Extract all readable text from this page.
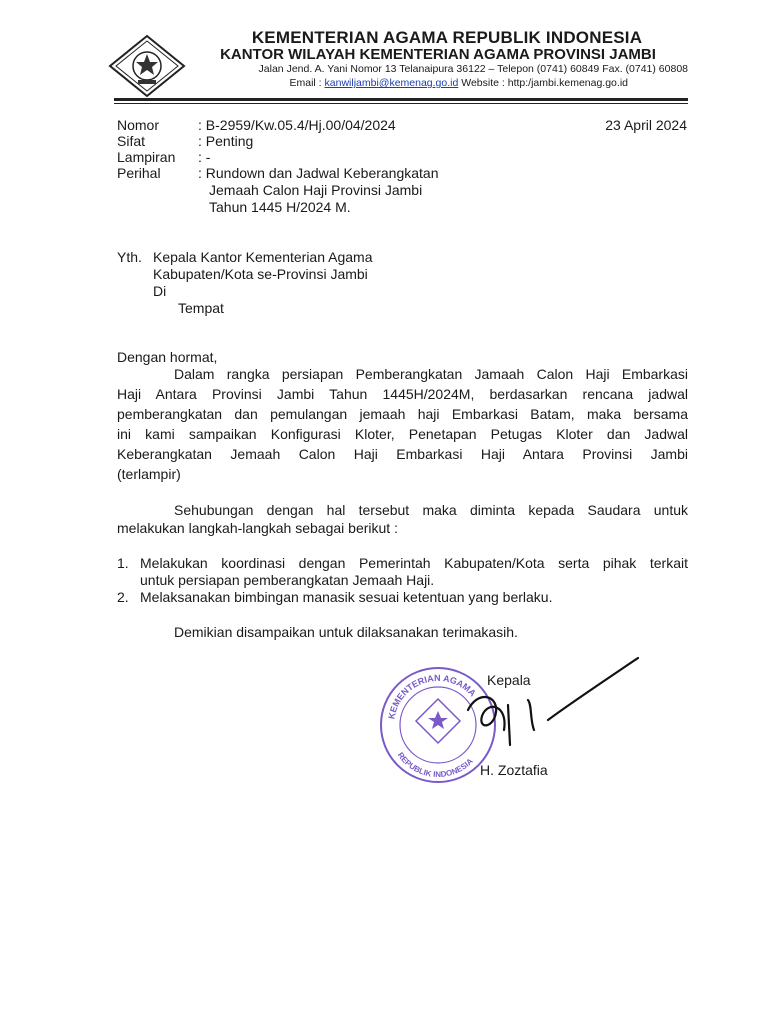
KEMENTERIAN AGAMA REPUBLIK INDONESIA
KANTOR WILAYAH KEMENTERIAN AGAMA PROVINSI JAMBI
Jalan Jend. A. Yani Nomor 13 Telanaipura 36122 – Telepon (0741) 60849 Fax. (0741) 60808
Email : kanwiljambi@kemenag.go.id Website : http:/jambi.kemenag.go.id
Nomor	: B-2959/Kw.05.4/Hj.00/04/2024
Sifat	: Penting
Lampiran	: -
Perihal	: Rundown dan Jadwal Keberangkatan
Jemaah Calon Haji Provinsi Jambi
Tahun 1445 H/2024 M.
23 April 2024
Yth. Kepala Kantor Kementerian Agama
Kabupaten/Kota se-Provinsi Jambi
Di
Tempat
Dengan hormat,
Dalam rangka persiapan Pemberangkatan Jamaah Calon Haji Embarkasi
Haji Antara Provinsi Jambi Tahun 1445H/2024M, berdasarkan rencana jadwal
pemberangkatan dan pemulangan jemaah haji Embarkasi Batam, maka bersama
ini kami sampaikan Konfigurasi Kloter, Penetapan Petugas Kloter dan Jadwal
Keberangkatan Jemaah Calon Haji Embarkasi Haji Antara Provinsi Jambi
(terlampir)
Sehubungan dengan hal tersebut maka diminta kepada Saudara untuk
melakukan langkah-langkah sebagai berikut :
1. Melakukan koordinasi dengan Pemerintah Kabupaten/Kota serta pihak terkait
untuk persiapan pemberangkatan Jemaah Haji.
2. Melaksanakan bimbingan manasik sesuai ketentuan yang berlaku.
Demikian disampaikan untuk dilaksanakan terimakasih.
KEMENTERIAN AGAMA
REPUBLIK INDONESIA
Kepala
H. Zoztafia
